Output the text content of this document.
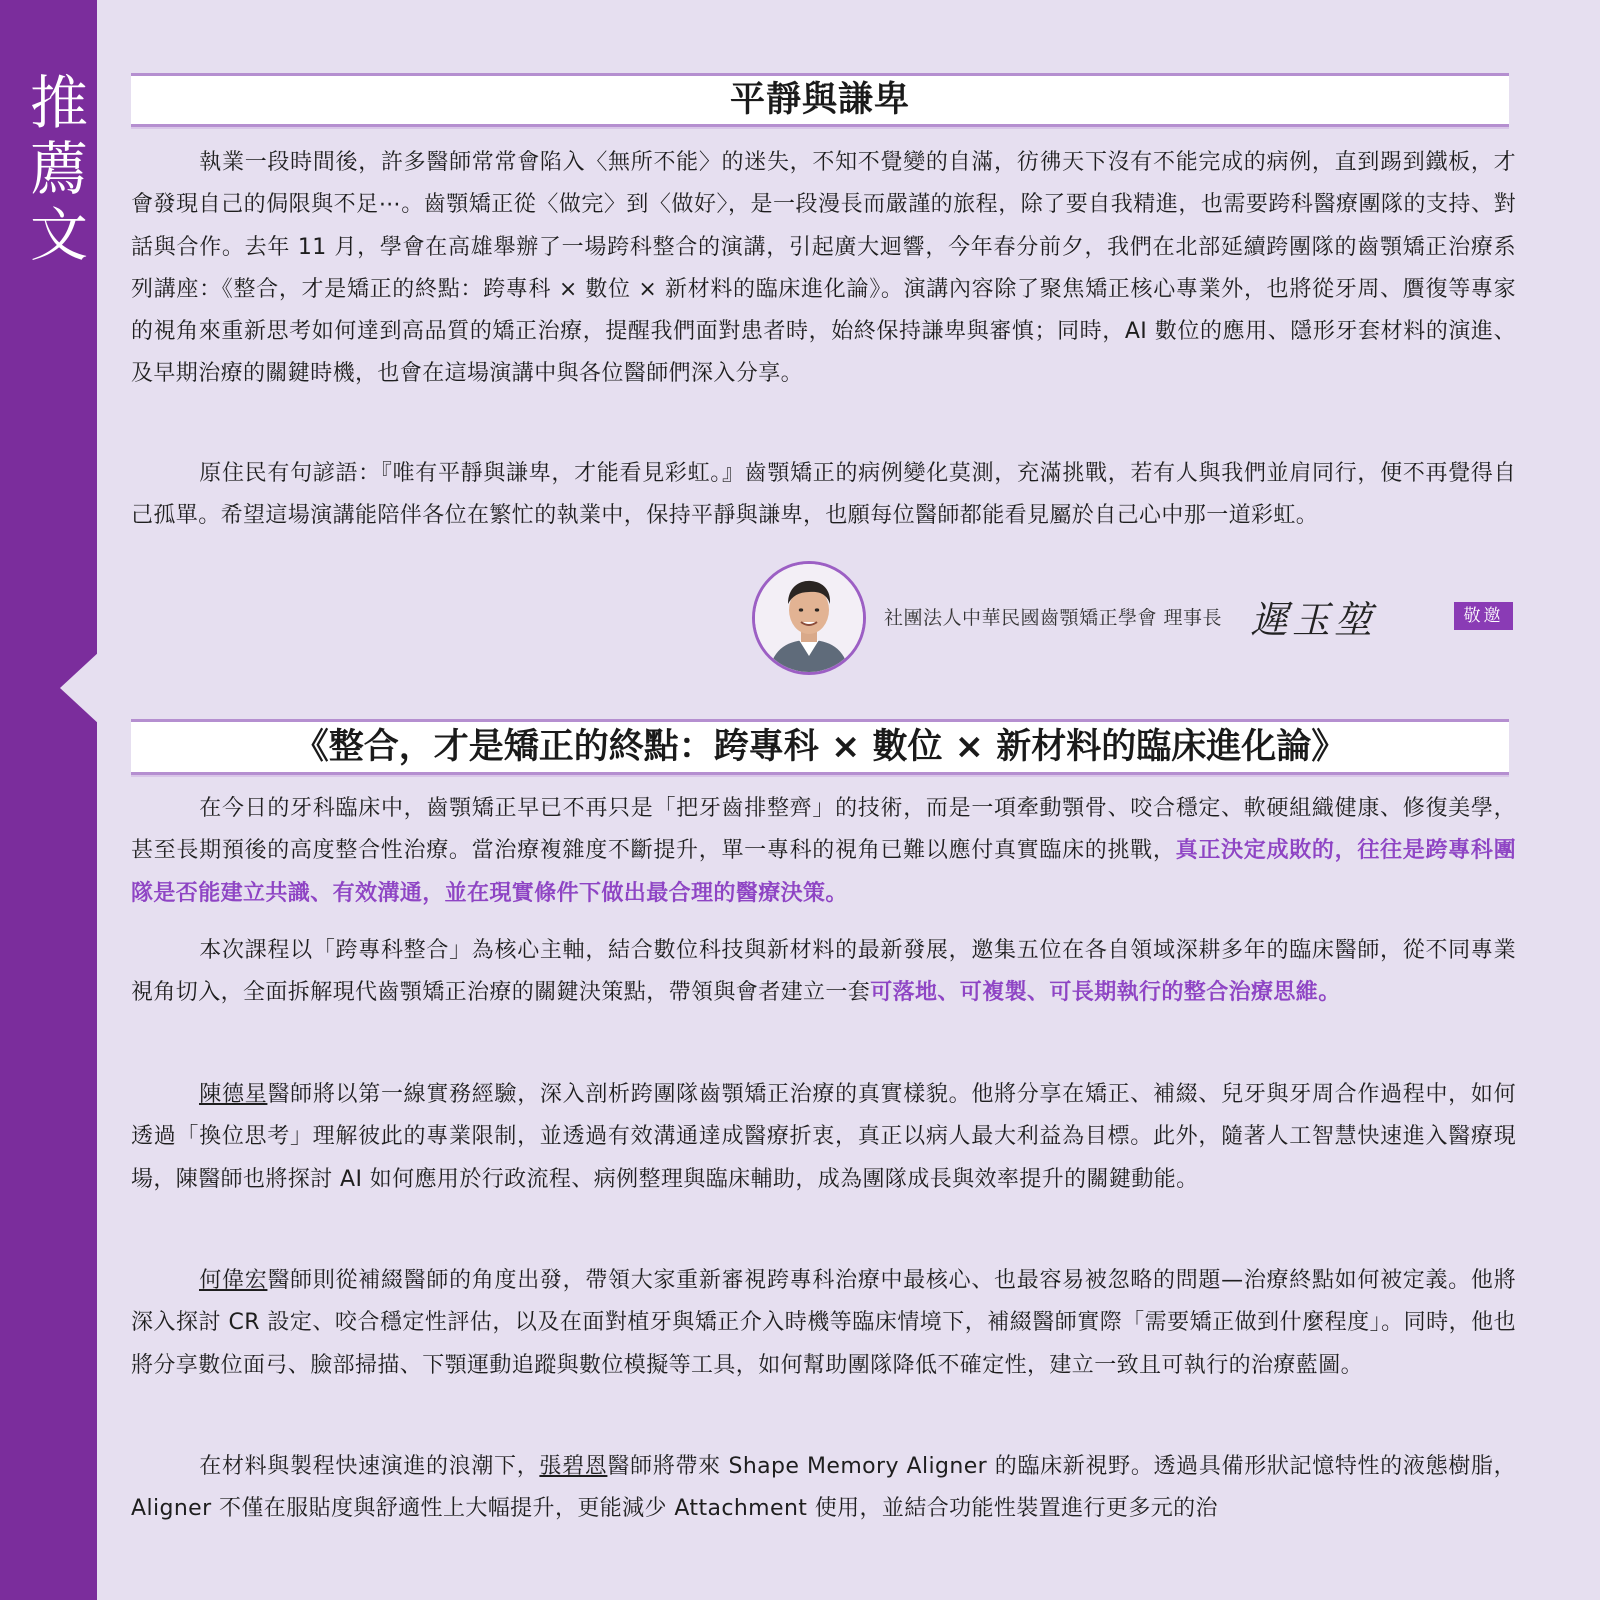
推
薦
文
平靜與謙卑

執業一段時間後，許多醫師常常會陷入〈無所不能〉的迷失，不知不覺變的自滿，彷彿天下沒有不能完成的病例，直到踢到鐵板，才會發現自己的侷限與不足⋯。齒顎矯正從〈做完〉到〈做好〉，是一段漫長而嚴謹的旅程，除了要自我精進，也需要跨科醫療團隊的支持、對話與合作。去年 11 月，學會在高雄舉辦了一場跨科整合的演講，引起廣大迴響，今年春分前夕，我們在北部延續跨團隊的齒顎矯正治療系列講座：《整合，才是矯正的終點：跨專科 × 數位 × 新材料的臨床進化論》。演講內容除了聚焦矯正核心專業外，也將從牙周、贋復等專家的視角來重新思考如何達到高品質的矯正治療，提醒我們面對患者時，始終保持謙卑與審慎；同時，AI 數位的應用、隱形牙套材料的演進、及早期治療的關鍵時機，也會在這場演講中與各位醫師們深入分享。

原住民有句諺語：『唯有平靜與謙卑，才能看見彩虹。』齒顎矯正的病例變化莫測，充滿挑戰，若有人與我們並肩同行，便不再覺得自己孤單。希望這場演講能陪伴各位在繁忙的執業中，保持平靜與謙卑，也願每位醫師都能看見屬於自己心中那一道彩虹。

社團法人中華民國齒顎矯正學會 理事長 遲玉堃	敬邀
《整合，才是矯正的終點：跨專科 × 數位 × 新材料的臨床進化論》

在今日的牙科臨床中，齒顎矯正早已不再只是「把牙齒排整齊」的技術，而是一項牽動顎骨、咬合穩定、軟硬組織健康、修復美學，甚至長期預後的高度整合性治療。當治療複雜度不斷提升，單一專科的視角已難以應付真實臨床的挑戰，真正決定成敗的，往往是跨專科團隊是否能建立共識、有效溝通，並在現實條件下做出最合理的醫療決策。

本次課程以「跨專科整合」為核心主軸，結合數位科技與新材料的最新發展，邀集五位在各自領域深耕多年的臨床醫師，從不同專業視角切入，全面拆解現代齒顎矯正治療的關鍵決策點，帶領與會者建立一套可落地、可複製、可長期執行的整合治療思維。

陳德星醫師將以第一線實務經驗，深入剖析跨團隊齒顎矯正治療的真實樣貌。他將分享在矯正、補綴、兒牙與牙周合作過程中，如何透過「換位思考」理解彼此的專業限制，並透過有效溝通達成醫療折衷，真正以病人最大利益為目標。此外，隨著人工智慧快速進入醫療現場，陳醫師也將探討 AI 如何應用於行政流程、病例整理與臨床輔助，成為團隊成長與效率提升的關鍵動能。

何偉宏醫師則從補綴醫師的角度出發，帶領大家重新審視跨專科治療中最核心、也最容易被忽略的問題—治療終點如何被定義。他將深入探討 CR 設定、咬合穩定性評估，以及在面對植牙與矯正介入時機等臨床情境下，補綴醫師實際「需要矯正做到什麼程度」。同時，他也將分享數位面弓、臉部掃描、下顎運動追蹤與數位模擬等工具，如何幫助團隊降低不確定性，建立一致且可執行的治療藍圖。

在材料與製程快速演進的浪潮下，張碧恩醫師將帶來 Shape Memory Aligner 的臨床新視野。透過具備形狀記憶特性的液態樹脂，Aligner 不僅在服貼度與舒適性上大幅提升，更能減少 Attachment 使用，並結合功能性裝置進行更多元的治
